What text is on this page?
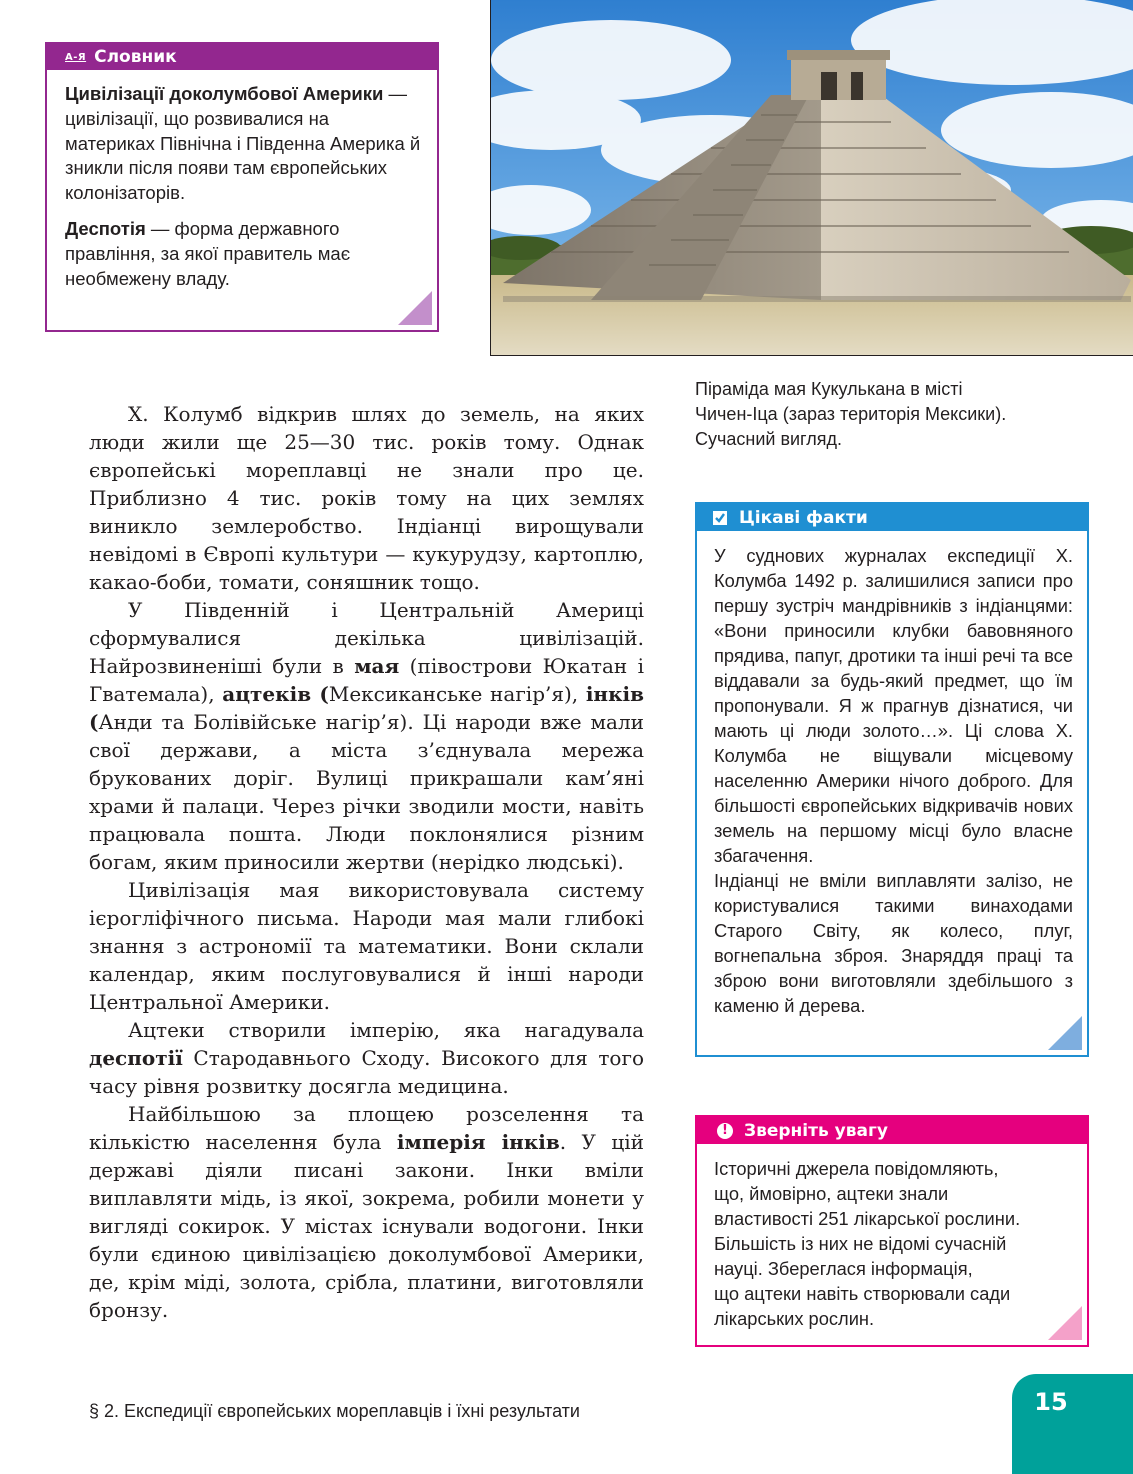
А-Я Словник

Цивілізації доколумбової Америки — цивілізації, що розвивалися на материках Північна і Південна Америка й зникли після появи там європейських колонізаторів.

Деспотія — форма державного правління, за якої правитель має необмежену владу.

Піраміда мая Кукулькана в місті
Чичен-Іца (зараз територія Мексики).
Сучасний вигляд.

Х. Колумб відкрив шлях до земель, на яких люди жили ще 25—30 тис. років тому. Однак європейські мореплавці не знали про це. Приблизно 4 тис. років тому на цих землях виникло землеробство. Індіанці вирощували невідомі в Європі культури — кукурудзу, картоплю, какао-боби, томати, соняшник тощо.

У Південній і Центральній Америці сформувалися декілька цивілізацій. Найрозвиненіші були в мая (півострови Юкатан і Гватемала), ацтеків (Мексиканське нагір’я), інків (Анди та Болівійське нагір’я). Ці народи вже мали свої держави, а міста з’єднувала мережа брукованих доріг. Вулиці прикрашали кам’яні храми й палаци. Через річки зводили мости, навіть працювала пошта. Люди поклонялися різним богам, яким приносили жертви (нерідко людські).

Цивілізація мая використовувала систему ієрогліфічного письма. Народи мая мали глибокі знання з астрономії та математики. Вони склали календар, яким послуговувалися й інші народи Центральної Америки.

Ацтеки створили імперію, яка нагадувала деспотії Стародавнього Сходу. Високого для того часу рівня розвитку досягла медицина.

Найбільшою за площею розселення та кількістю населення була імперія інків. У цій державі діяли писані закони. Інки вміли виплавляти мідь, із якої, зокрема, робили монети у вигляді сокирок. У містах існували водогони. Інки були єдиною цивілізацією доколумбової Америки, де, крім міді, золота, срібла, платини, виготовляли бронзу.

Цікаві факти

У суднових журналах експедиції Х. Колумба 1492 р. залишилися записи про першу зустріч мандрівників з індіанцями: «Вони приносили клубки бавовняного прядива, папуг, дротики та інші речі та все віддавали за будь-який предмет, що їм пропонували. Я ж прагнув дізнатися, чи мають ці люди золото…». Ці слова Х. Колумба не віщували місцевому населенню Америки нічого доброго. Для більшості європейських відкривачів нових земель на першому місці було власне збагачення.

Індіанці не вміли виплавляти залізо, не користувалися такими винаходами Старого Світу, як колесо, плуг, вогнепальна зброя. Знаряддя праці та зброю вони виготовляли здебільшого з каменю й дерева.

! Зверніть увагу

Історичні джерела повідомляють,

що, ймовірно, ацтеки знали

властивості 251 лікарської рослини.

Більшість із них не відомі сучасній

науці. Збереглася інформація,

що ацтеки навіть створювали сади

лікарських рослин.

§ 2. Експедиції європейських мореплавців і їхні результати	15
